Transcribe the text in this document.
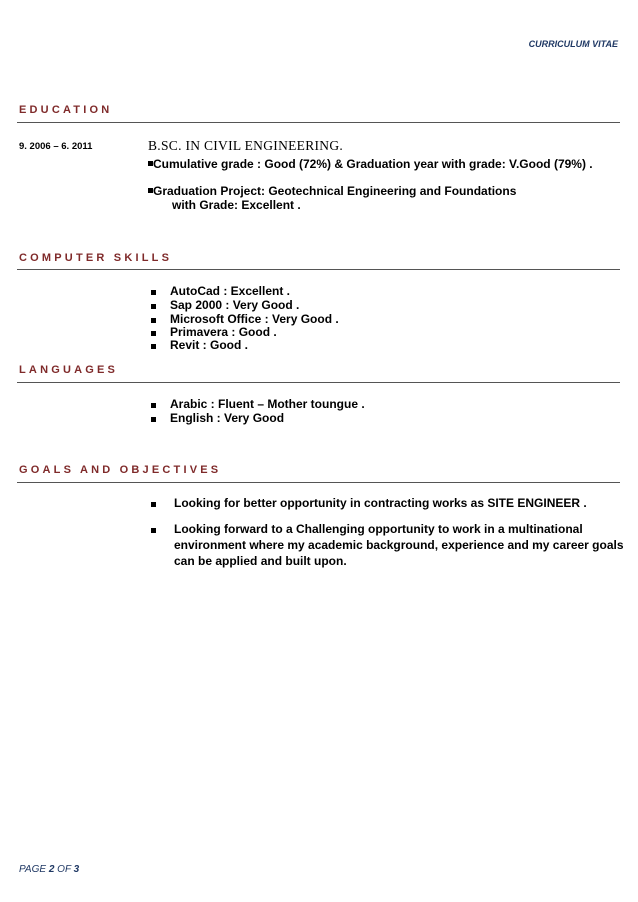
CURRICULUM VITAE
EDUCATION
9. 2006 – 6. 2011	B.SC. IN CIVIL ENGINEERING.
Cumulative grade : Good (72%) & Graduation year with grade: V.Good (79%) .
Graduation Project: Geotechnical Engineering and Foundations
with Grade: Excellent .
COMPUTER SKILLS
AutoCad : Excellent .
Sap 2000 : Very Good .
Microsoft Office : Very Good .
Primavera : Good .
Revit : Good .
LANGUAGES
Arabic : Fluent – Mother toungue .
English : Very Good
GOALS AND OBJECTIVES
Looking for better opportunity in contracting works as SITE ENGINEER .
Looking forward to a Challenging opportunity to work in a multinational
environment where my academic background, experience and my career goals
can be applied and built upon.
PAGE 2 OF 3
